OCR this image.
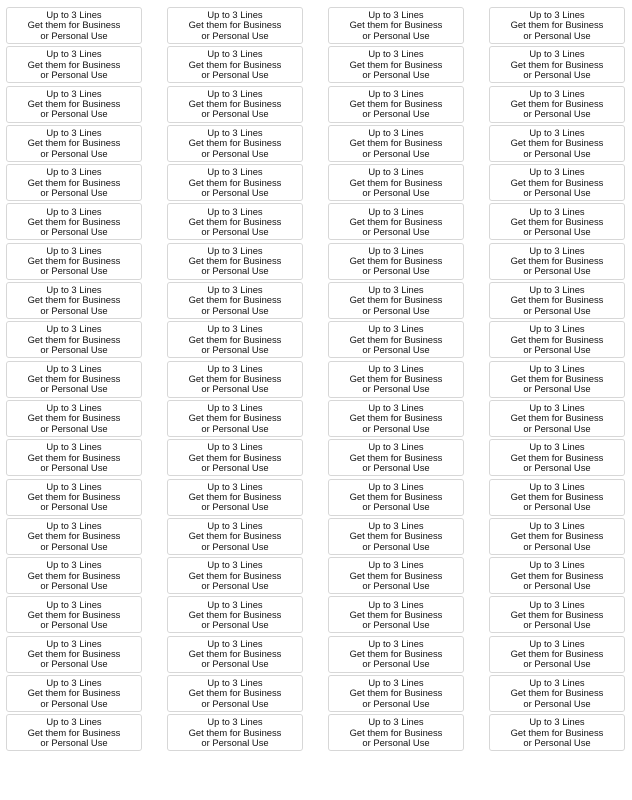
Up to 3 Lines
Get them for Business
or Personal Use
Up to 3 Lines
Get them for Business
or Personal Use
Up to 3 Lines
Get them for Business
or Personal Use
Up to 3 Lines
Get them for Business
or Personal Use
Up to 3 Lines
Get them for Business
or Personal Use
Up to 3 Lines
Get them for Business
or Personal Use
Up to 3 Lines
Get them for Business
or Personal Use
Up to 3 Lines
Get them for Business
or Personal Use
Up to 3 Lines
Get them for Business
or Personal Use
Up to 3 Lines
Get them for Business
or Personal Use
Up to 3 Lines
Get them for Business
or Personal Use
Up to 3 Lines
Get them for Business
or Personal Use
Up to 3 Lines
Get them for Business
or Personal Use
Up to 3 Lines
Get them for Business
or Personal Use
Up to 3 Lines
Get them for Business
or Personal Use
Up to 3 Lines
Get them for Business
or Personal Use
Up to 3 Lines
Get them for Business
or Personal Use
Up to 3 Lines
Get them for Business
or Personal Use
Up to 3 Lines
Get them for Business
or Personal Use
Up to 3 Lines
Get them for Business
or Personal Use
Up to 3 Lines
Get them for Business
or Personal Use
Up to 3 Lines
Get them for Business
or Personal Use
Up to 3 Lines
Get them for Business
or Personal Use
Up to 3 Lines
Get them for Business
or Personal Use
Up to 3 Lines
Get them for Business
or Personal Use
Up to 3 Lines
Get them for Business
or Personal Use
Up to 3 Lines
Get them for Business
or Personal Use
Up to 3 Lines
Get them for Business
or Personal Use
Up to 3 Lines
Get them for Business
or Personal Use
Up to 3 Lines
Get them for Business
or Personal Use
Up to 3 Lines
Get them for Business
or Personal Use
Up to 3 Lines
Get them for Business
or Personal Use
Up to 3 Lines
Get them for Business
or Personal Use
Up to 3 Lines
Get them for Business
or Personal Use
Up to 3 Lines
Get them for Business
or Personal Use
Up to 3 Lines
Get them for Business
or Personal Use
Up to 3 Lines
Get them for Business
or Personal Use
Up to 3 Lines
Get them for Business
or Personal Use
Up to 3 Lines
Get them for Business
or Personal Use
Up to 3 Lines
Get them for Business
or Personal Use
Up to 3 Lines
Get them for Business
or Personal Use
Up to 3 Lines
Get them for Business
or Personal Use
Up to 3 Lines
Get them for Business
or Personal Use
Up to 3 Lines
Get them for Business
or Personal Use
Up to 3 Lines
Get them for Business
or Personal Use
Up to 3 Lines
Get them for Business
or Personal Use
Up to 3 Lines
Get them for Business
or Personal Use
Up to 3 Lines
Get them for Business
or Personal Use
Up to 3 Lines
Get them for Business
or Personal Use
Up to 3 Lines
Get them for Business
or Personal Use
Up to 3 Lines
Get them for Business
or Personal Use
Up to 3 Lines
Get them for Business
or Personal Use
Up to 3 Lines
Get them for Business
or Personal Use
Up to 3 Lines
Get them for Business
or Personal Use
Up to 3 Lines
Get them for Business
or Personal Use
Up to 3 Lines
Get them for Business
or Personal Use
Up to 3 Lines
Get them for Business
or Personal Use
Up to 3 Lines
Get them for Business
or Personal Use
Up to 3 Lines
Get them for Business
or Personal Use
Up to 3 Lines
Get them for Business
or Personal Use
Up to 3 Lines
Get them for Business
or Personal Use
Up to 3 Lines
Get them for Business
or Personal Use
Up to 3 Lines
Get them for Business
or Personal Use
Up to 3 Lines
Get them for Business
or Personal Use
Up to 3 Lines
Get them for Business
or Personal Use
Up to 3 Lines
Get them for Business
or Personal Use
Up to 3 Lines
Get them for Business
or Personal Use
Up to 3 Lines
Get them for Business
or Personal Use
Up to 3 Lines
Get them for Business
or Personal Use
Up to 3 Lines
Get them for Business
or Personal Use
Up to 3 Lines
Get them for Business
or Personal Use
Up to 3 Lines
Get them for Business
or Personal Use
Up to 3 Lines
Get them for Business
or Personal Use
Up to 3 Lines
Get them for Business
or Personal Use
Up to 3 Lines
Get them for Business
or Personal Use
Up to 3 Lines
Get them for Business
or Personal Use
